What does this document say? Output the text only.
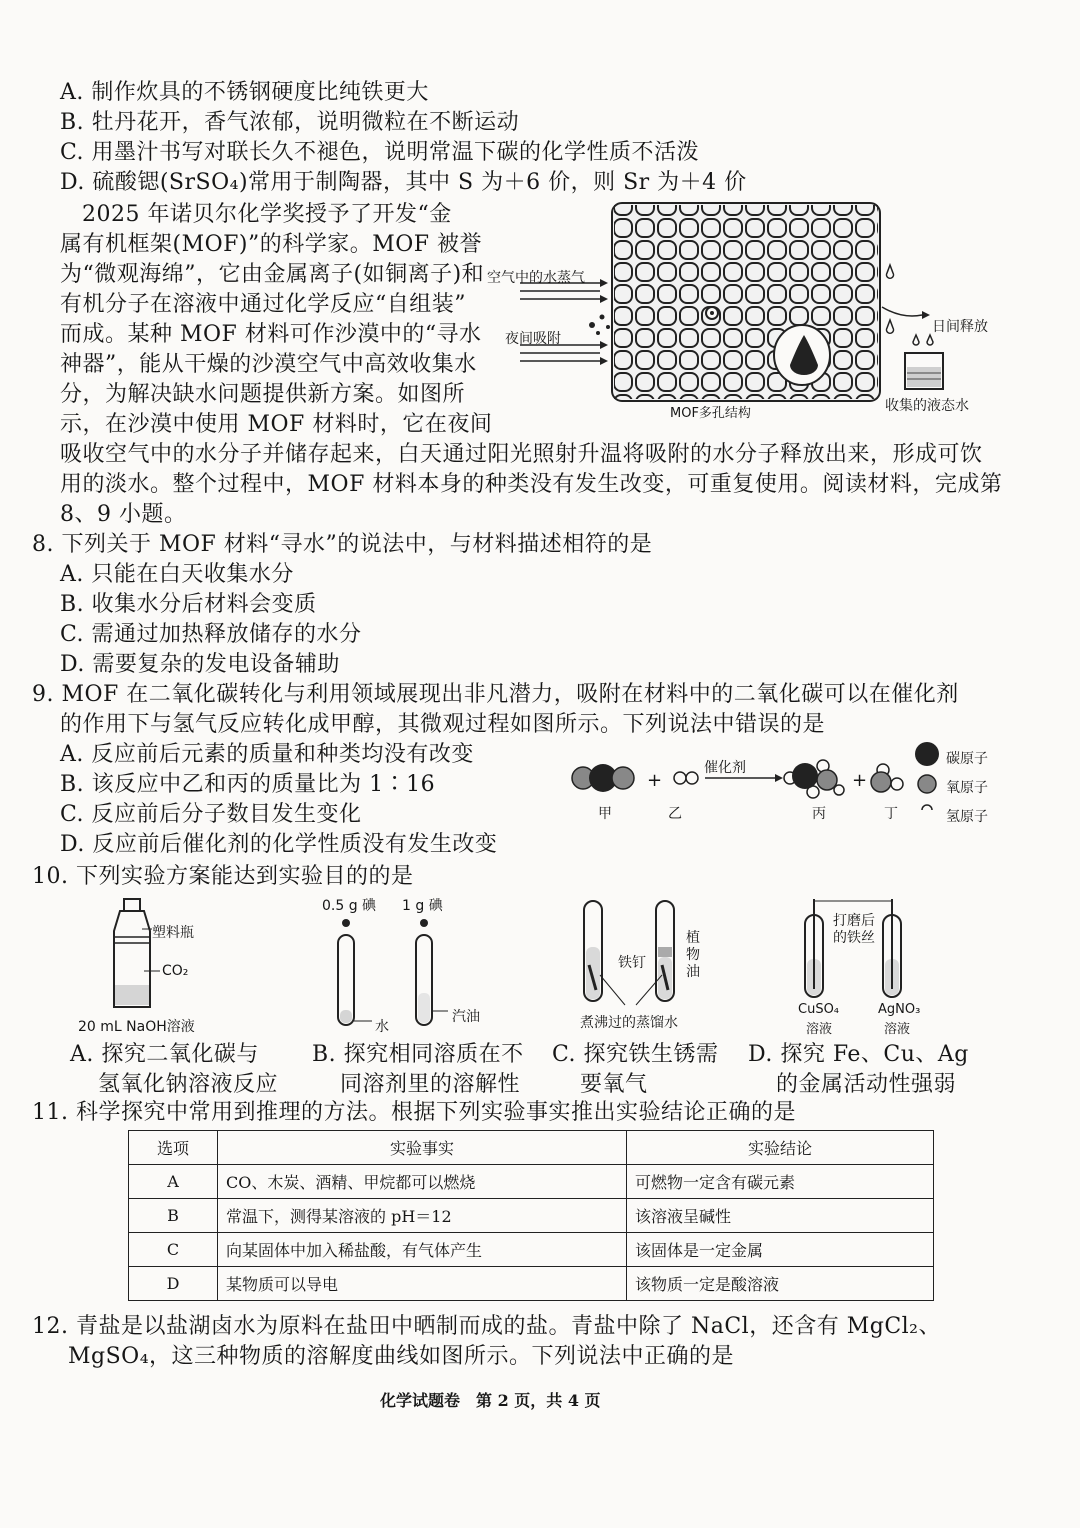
A. 制作炊具的不锈钢硬度比纯铁更大
B. 牡丹花开，香气浓郁，说明微粒在不断运动
C. 用墨汁书写对联长久不褪色，说明常温下碳的化学性质不活泼
D. 硫酸锶(SrSO₄)常用于制陶器，其中 S 为＋6 价，则 Sr 为＋4 价
2025 年诺贝尔化学奖授予了开发“金
属有机框架(MOF)”的科学家。MOF 被誉
为“微观海绵”，它由金属离子(如铜离子)和
有机分子在溶液中通过化学反应“自组装”
而成。某种 MOF 材料可作沙漠中的“寻水
神器”，能从干燥的沙漠空气中高效收集水
分，为解决缺水问题提供新方案。如图所
示，在沙漠中使用 MOF 材料时，它在夜间
吸收空气中的水分子并储存起来，白天通过阳光照射升温将吸附的水分子释放出来，形成可饮
用的淡水。整个过程中，MOF 材料本身的种类没有发生改变，可重复使用。阅读材料，完成第
8、9 小题。
空气中的水蒸气
夜间吸附
日间释放
MOF多孔结构	收集的液态水
8. 下列关于 MOF 材料“寻水”的说法中，与材料描述相符的是
A. 只能在白天收集水分
B. 收集水分后材料会变质
C. 需通过加热释放储存的水分
D. 需要复杂的发电设备辅助
9. MOF 在二氧化碳转化与利用领域展现出非凡潜力，吸附在材料中的二氧化碳可以在催化剂
的作用下与氢气反应转化成甲醇，其微观过程如图所示。下列说法中错误的是
A. 反应前后元素的质量和种类均没有改变
B. 该反应中乙和丙的质量比为 1∶16
C. 反应前后分子数目发生变化
D. 反应前后催化剂的化学性质没有发生改变
+	+
催化剂
甲	乙	丙	丁
碳原子
氧原子
氢原子
10. 下列实验方案能达到实验目的的是
塑料瓶
CO₂
20 mL NaOH溶液
0.5 g 碘 1 g 碘
水
汽油
铁钉
植物油
煮沸过的蒸馏水
打磨后
的铁丝
CuSO₄
溶液
AgNO₃
溶液
A. 探究二氧化碳与
氢氧化钠溶液反应
B. 探究相同溶质在不
同溶剂里的溶解性
C. 探究铁生锈需
要氧气
D. 探究 Fe、Cu、Ag
的金属活动性强弱
11. 科学探究中常用到推理的方法。根据下列实验事实推出实验结论正确的是
选项	实验事实	实验结论
A	CO、木炭、酒精、甲烷都可以燃烧	可燃物一定含有碳元素
B	常温下，测得某溶液的 pH＝12	该溶液呈碱性
C	向某固体中加入稀盐酸，有气体产生	该固体是一定金属
D	某物质可以导电	该物质一定是酸溶液
12. 青盐是以盐湖卤水为原料在盐田中晒制而成的盐。青盐中除了 NaCl，还含有 MgCl₂、
MgSO₄，这三种物质的溶解度曲线如图所示。下列说法中正确的是
化学试题卷　第 2 页，共 4 页
